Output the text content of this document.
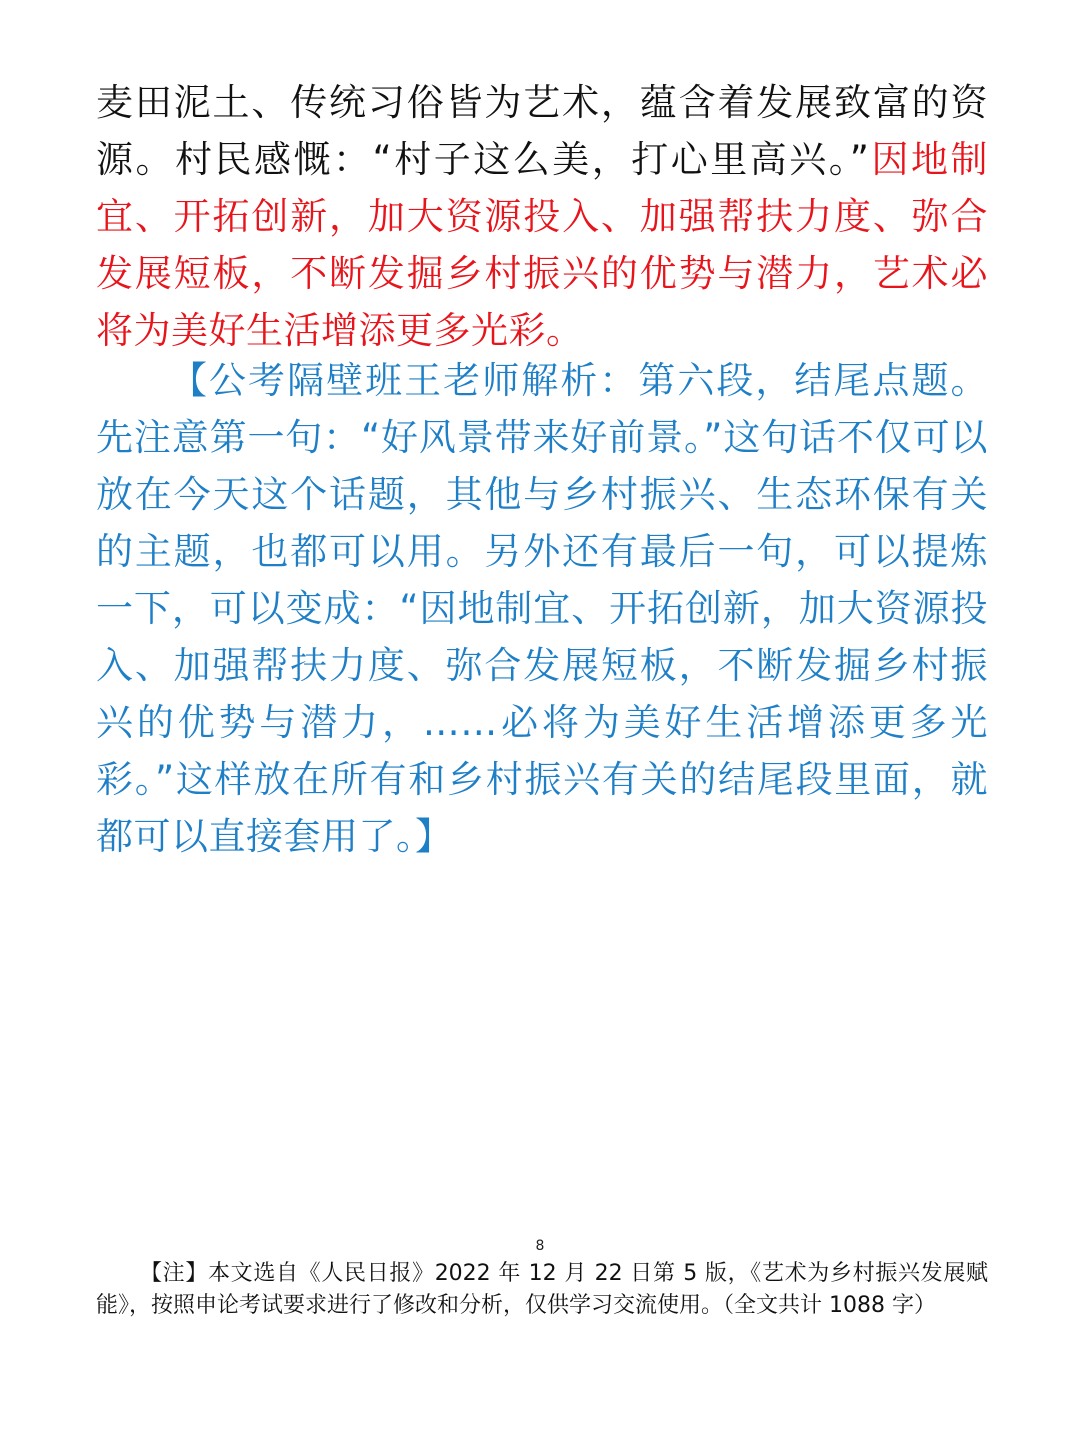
麦田泥土、传统习俗皆为艺术，蕴含着发展致富的资源。村民感慨：“村子这么美，打心里高兴。”因地制宜、开拓创新，加大资源投入、加强帮扶力度、弥合发展短板，不断发掘乡村振兴的优势与潜力，艺术必将为美好生活增添更多光彩。

【公考隔壁班王老师解析：第六段，结尾点题。先注意第一句：“好风景带来好前景。”这句话不仅可以放在今天这个话题，其他与乡村振兴、生态环保有关的主题，也都可以用。另外还有最后一句，可以提炼一下，可以变成：“因地制宜、开拓创新，加大资源投入、加强帮扶力度、弥合发展短板，不断发掘乡村振兴的优势与潜力，……必将为美好生活增添更多光彩。”这样放在所有和乡村振兴有关的结尾段里面，就都可以直接套用了。】

8

【注】本文选自《人民日报》2022 年 12 月 22 日第 5 版，《艺术为乡村振兴发展赋能》，按照申论考试要求进行了修改和分析，仅供学习交流使用。（全文共计 1088 字）
